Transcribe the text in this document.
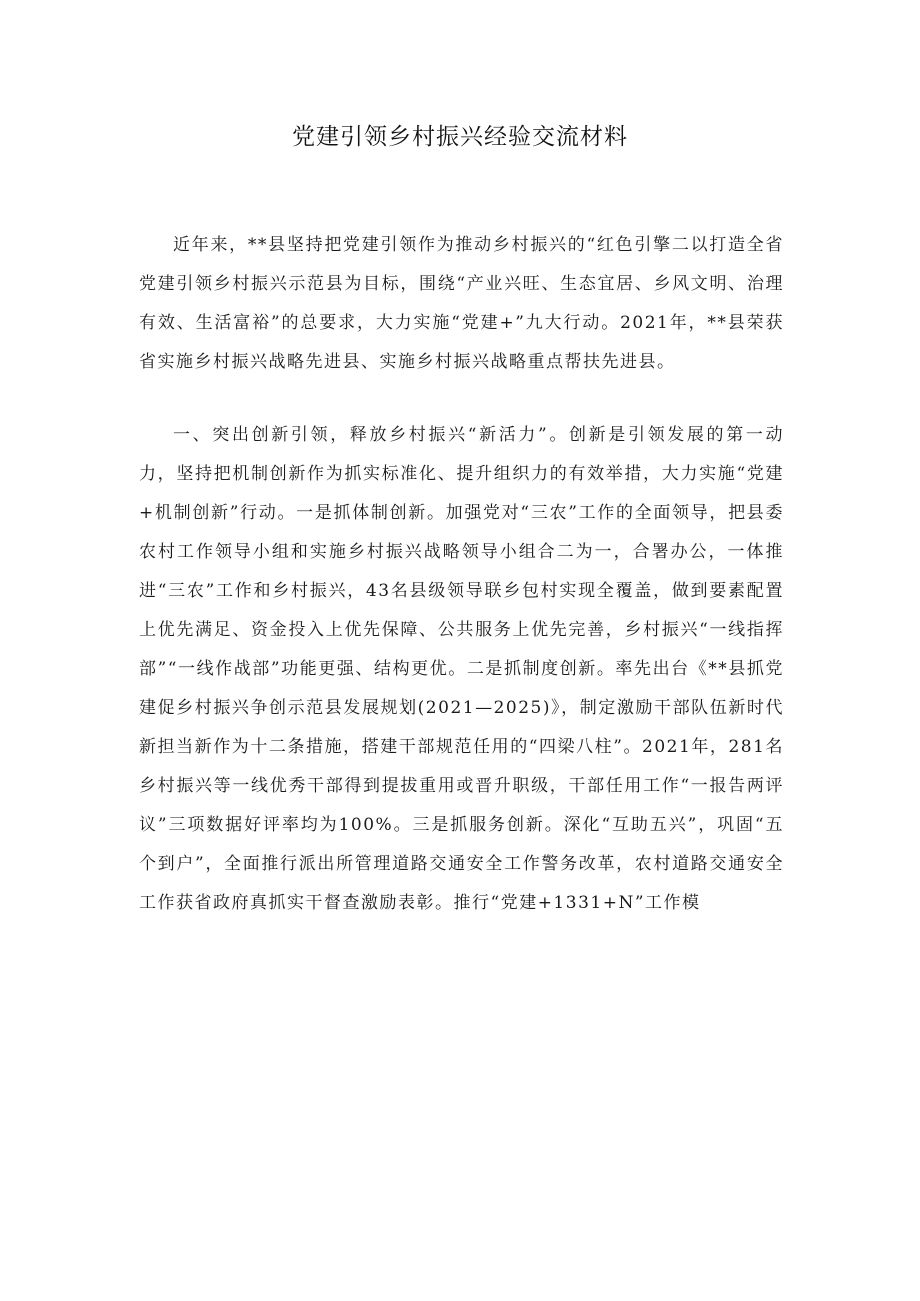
党建引领乡村振兴经验交流材料

近年来，**县坚持把党建引领作为推动乡村振兴的“红色引擎二以打造全省党建引领乡村振兴示范县为目标，围绕“产业兴旺、生态宜居、乡风文明、治理有效、生活富裕”的总要求，大力实施“党建+”九大行动。2021年，**县荣获省实施乡村振兴战略先进县、实施乡村振兴战略重点帮扶先进县。

一、突出创新引领，释放乡村振兴“新活力”。创新是引领发展的第一动力，坚持把机制创新作为抓实标准化、提升组织力的有效举措，大力实施“党建+机制创新”行动。一是抓体制创新。加强党对“三农”工作的全面领导，把县委农村工作领导小组和实施乡村振兴战略领导小组合二为一，合署办公，一体推进“三农”工作和乡村振兴，43名县级领导联乡包村实现全覆盖，做到要素配置上优先满足、资金投入上优先保障、公共服务上优先完善，乡村振兴“一线指挥部”“一线作战部”功能更强、结构更优。二是抓制度创新。率先出台《**县抓党建促乡村振兴争创示范县发展规划(2021—2025)》，制定激励干部队伍新时代新担当新作为十二条措施，搭建干部规范任用的“四梁八柱”。2021年，281名乡村振兴等一线优秀干部得到提拔重用或晋升职级，干部任用工作“一报告两评议”三项数据好评率均为100%。三是抓服务创新。深化“互助五兴”，巩固“五个到户”，全面推行派出所管理道路交通安全工作警务改革，农村道路交通安全工作获省政府真抓实干督查激励表彰。推行“党建+1331+N”工作模
